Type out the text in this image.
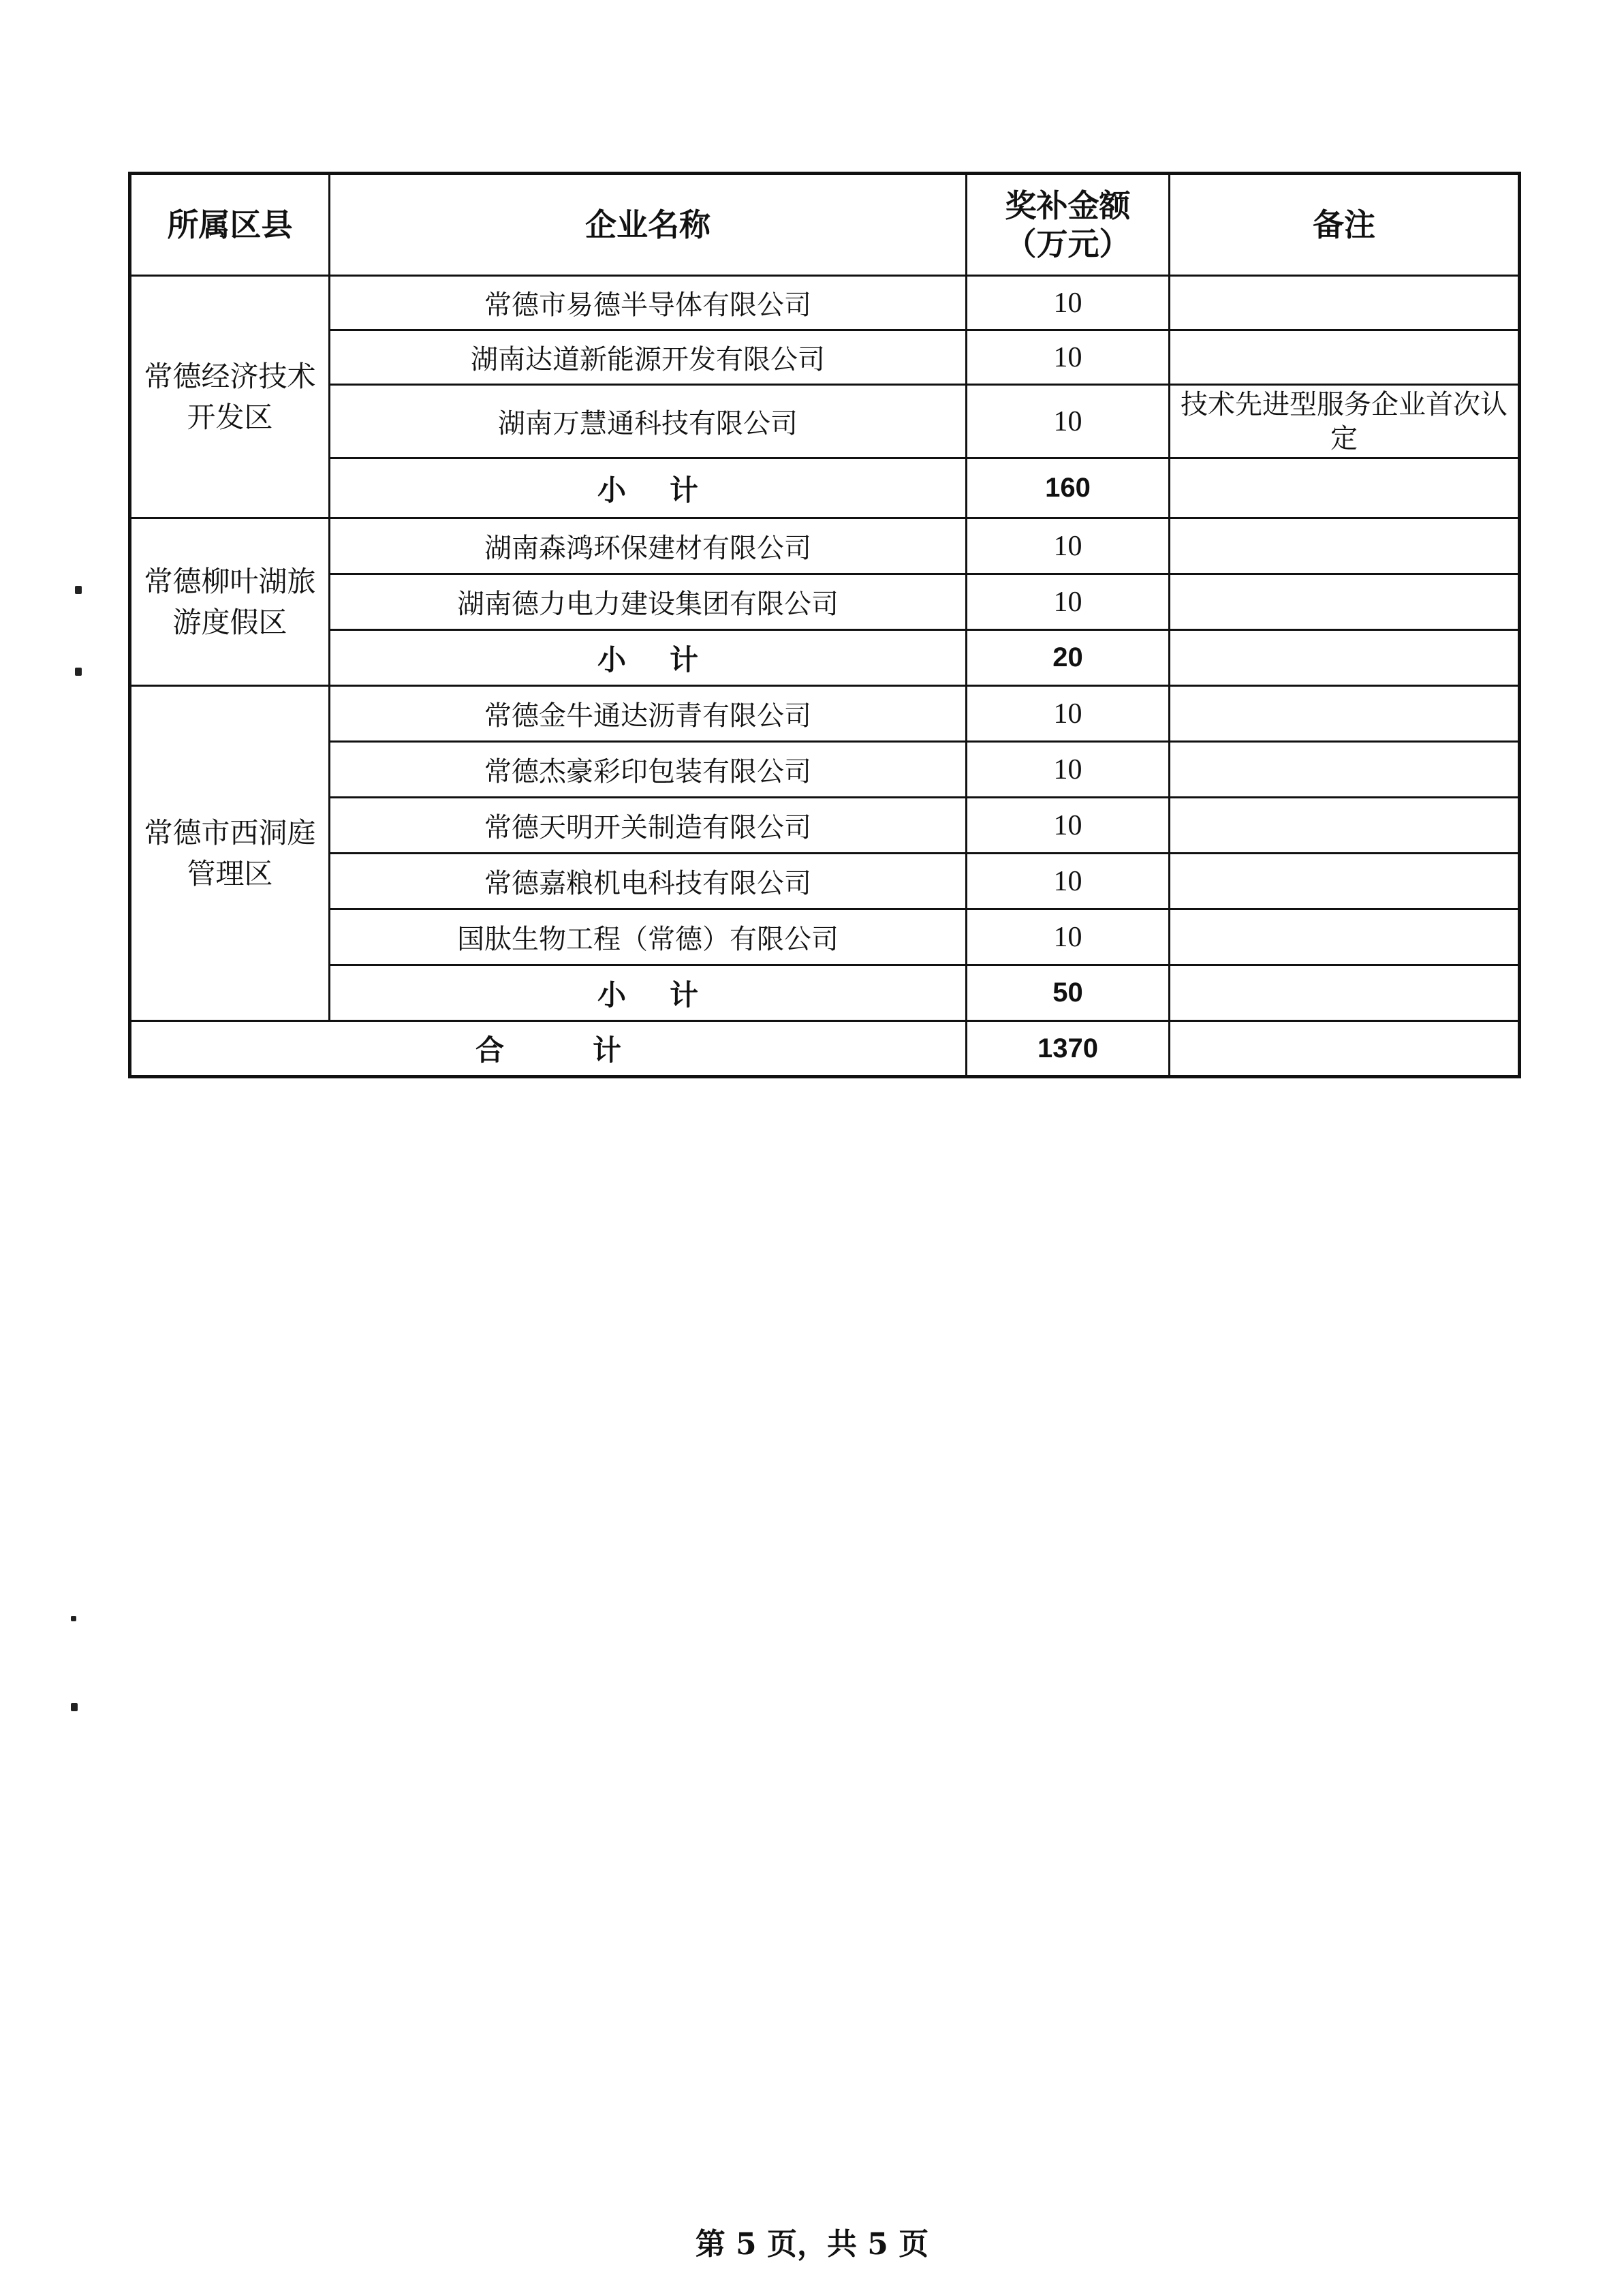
所属区县	企业名称	奖补金额（万元）	备注
常德经济技术开发区	常德市易德半导体有限公司	10	
	湖南达道新能源开发有限公司	10	
	湖南万慧通科技有限公司	10	技术先进型服务企业首次认定
	小计	160	
常德柳叶湖旅游度假区	湖南森鸿环保建材有限公司	10	
	湖南德力电力建设集团有限公司	10	
	小计	20	
常德市西洞庭管理区	常德金牛通达沥青有限公司	10	
	常德杰豪彩印包装有限公司	10	
	常德天明开关制造有限公司	10	
	常德嘉粮机电科技有限公司	10	
	国肽生物工程（常德）有限公司	10	
	小计	50	
合计		1370	
第 5 页，共 5 页
